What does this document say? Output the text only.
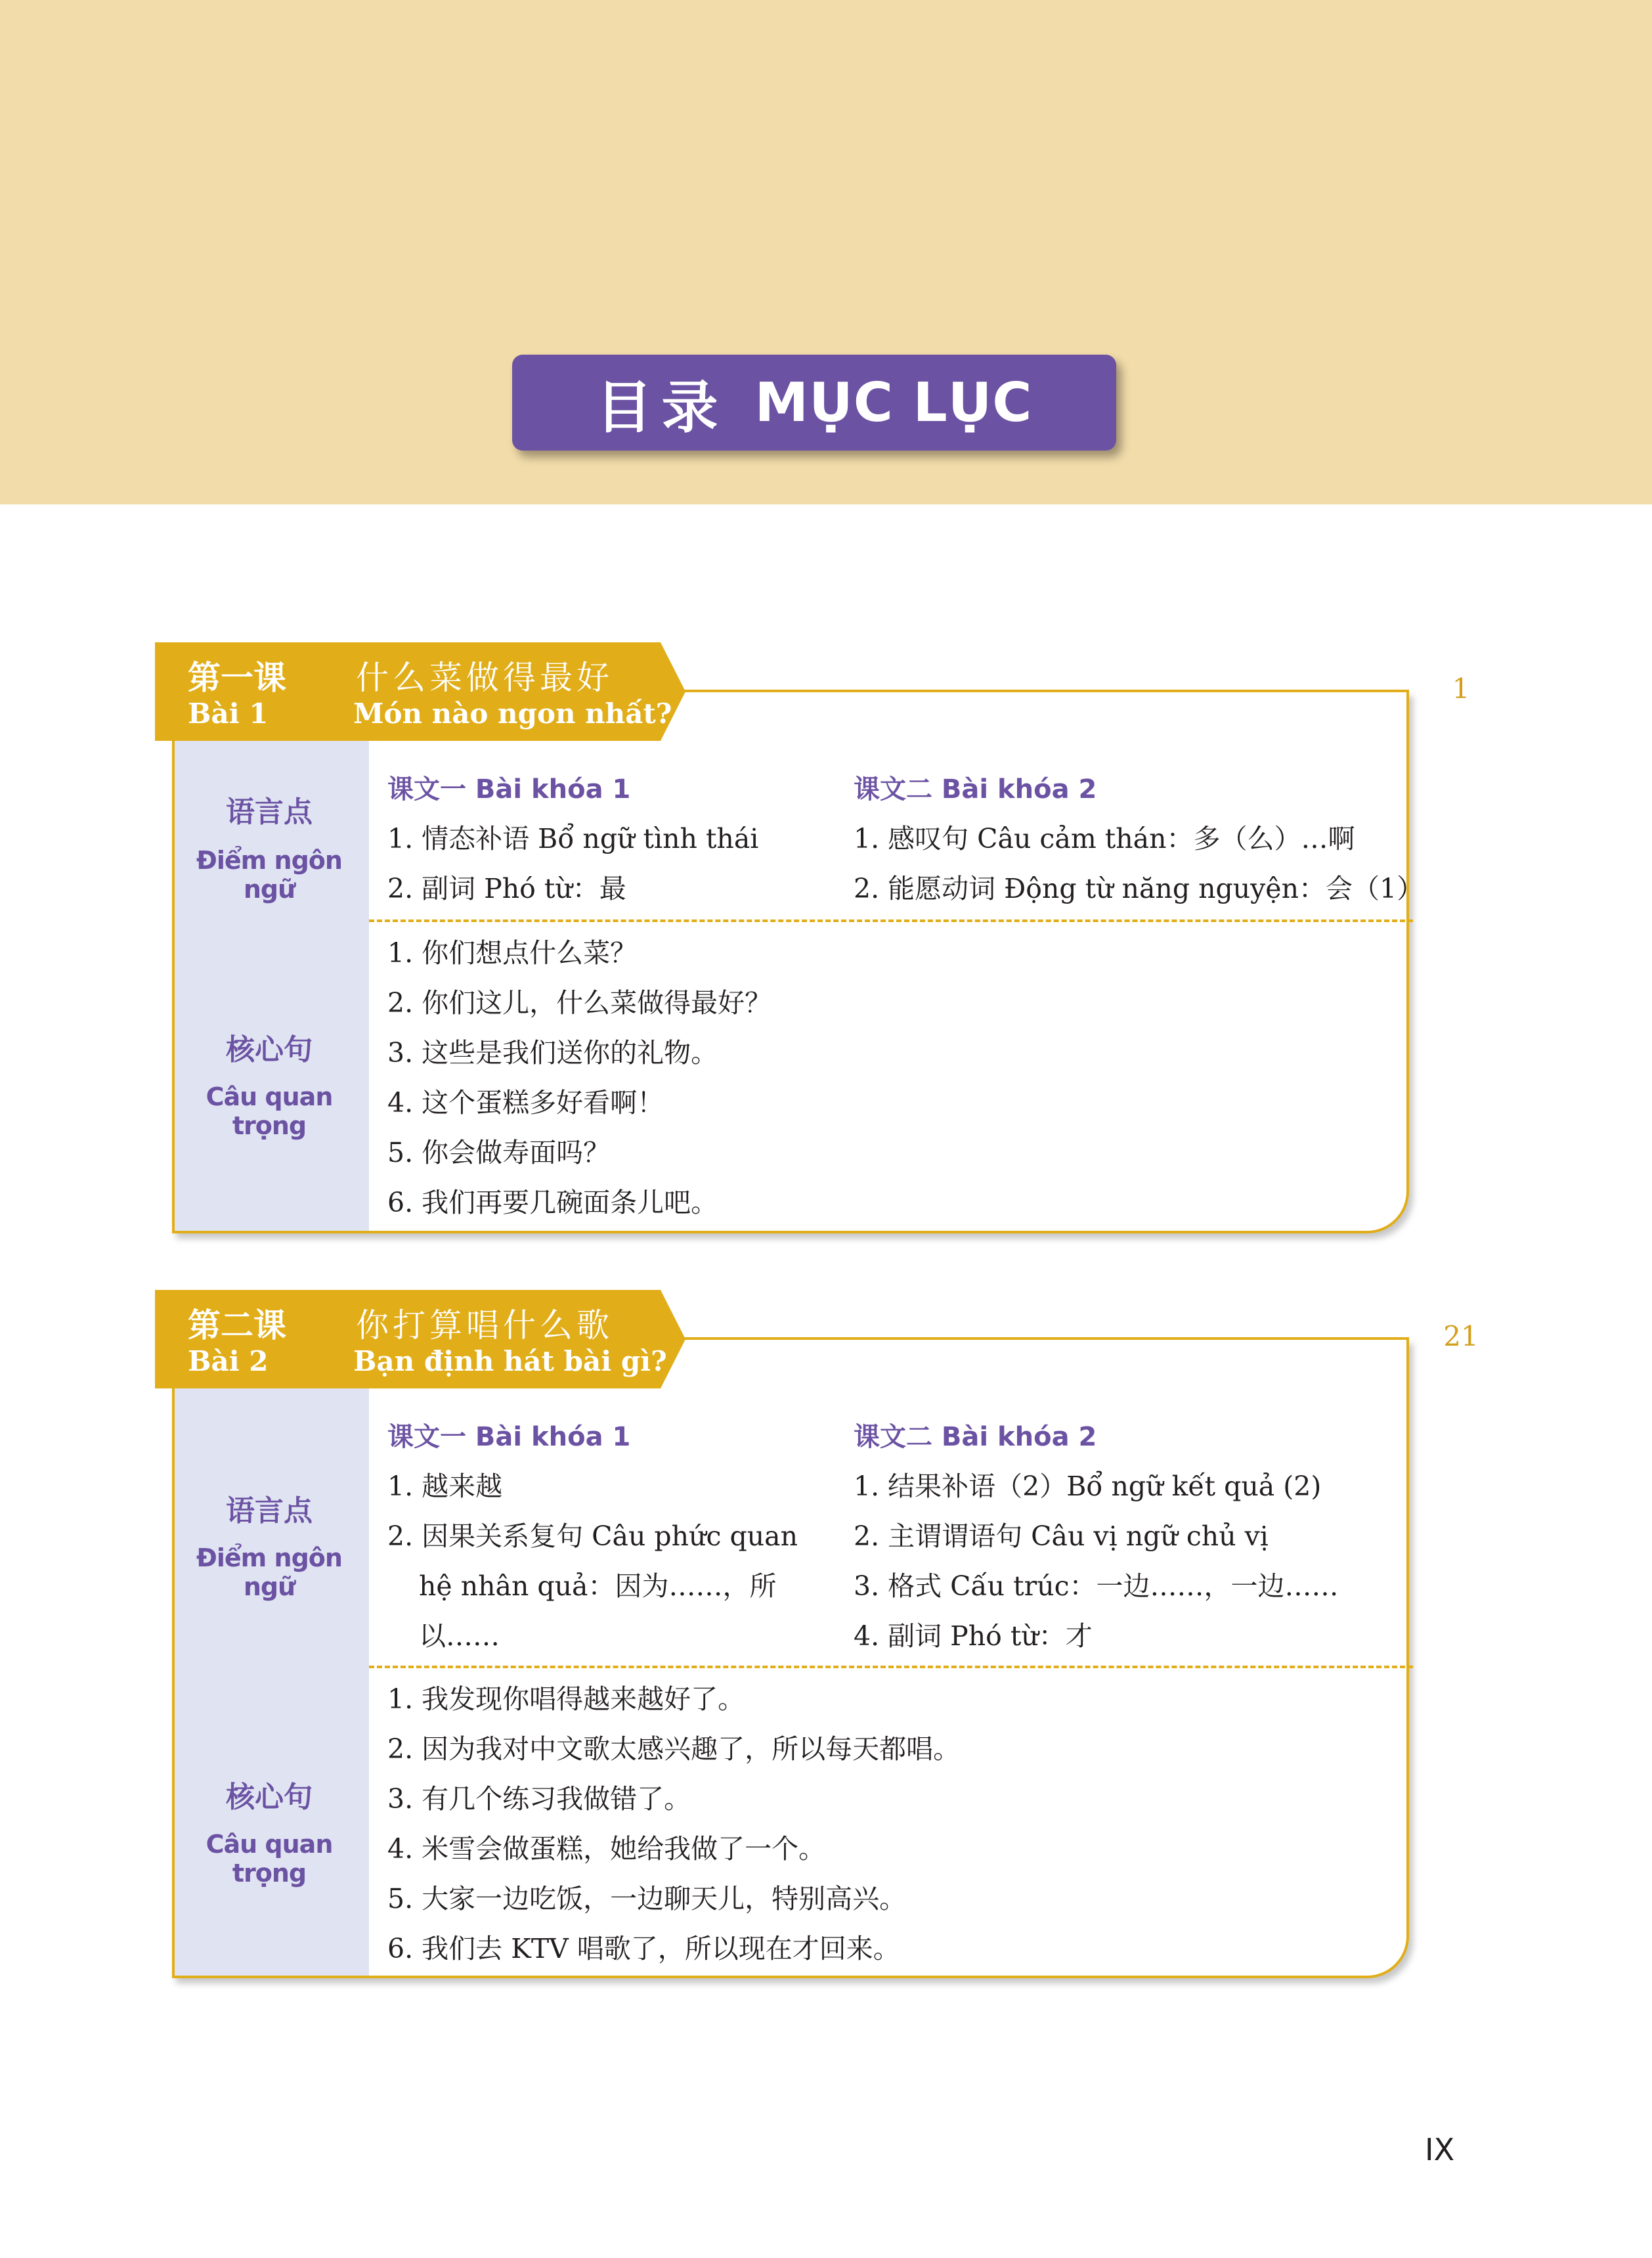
目录 MỤC LỤC
第一课
Bài 1
什么菜做得最好
Món nào ngon nhất?
1
语言点
Điểm ngôn ngữ
课文一 Bài khóa 1	课文二 Bài khóa 2
1. 情态补语 Bổ ngữ tình thái
2. 副词 Phó từ：最
1. 感叹句 Câu cảm thán：多（么）…啊
2. 能愿动词 Động từ năng nguyện：会（1）
核心句
Câu quan trọng
1. 你们想点什么菜？
2. 你们这儿，什么菜做得最好？
3. 这些是我们送你的礼物。
4. 这个蛋糕多好看啊！
5. 你会做寿面吗？
6. 我们再要几碗面条儿吧。
第二课
Bài 2
你打算唱什么歌
Bạn định hát bài gì?
21
语言点
Điểm ngôn ngữ
课文一 Bài khóa 1	课文二 Bài khóa 2
1. 越来越
2. 因果关系复句 Câu phức quan
hệ nhân quả：因为……，所
以……
1. 结果补语（2）Bổ ngữ kết quả (2)
2. 主谓谓语句 Câu vị ngữ chủ vị
3. 格式 Cấu trúc：一边……，一边……
4. 副词 Phó từ：才
核心句
Câu quan trọng
1. 我发现你唱得越来越好了。
2. 因为我对中文歌太感兴趣了，所以每天都唱。
3. 有几个练习我做错了。
4. 米雪会做蛋糕，她给我做了一个。
5. 大家一边吃饭，一边聊天儿，特别高兴。
6. 我们去 KTV 唱歌了，所以现在才回来。
IX
